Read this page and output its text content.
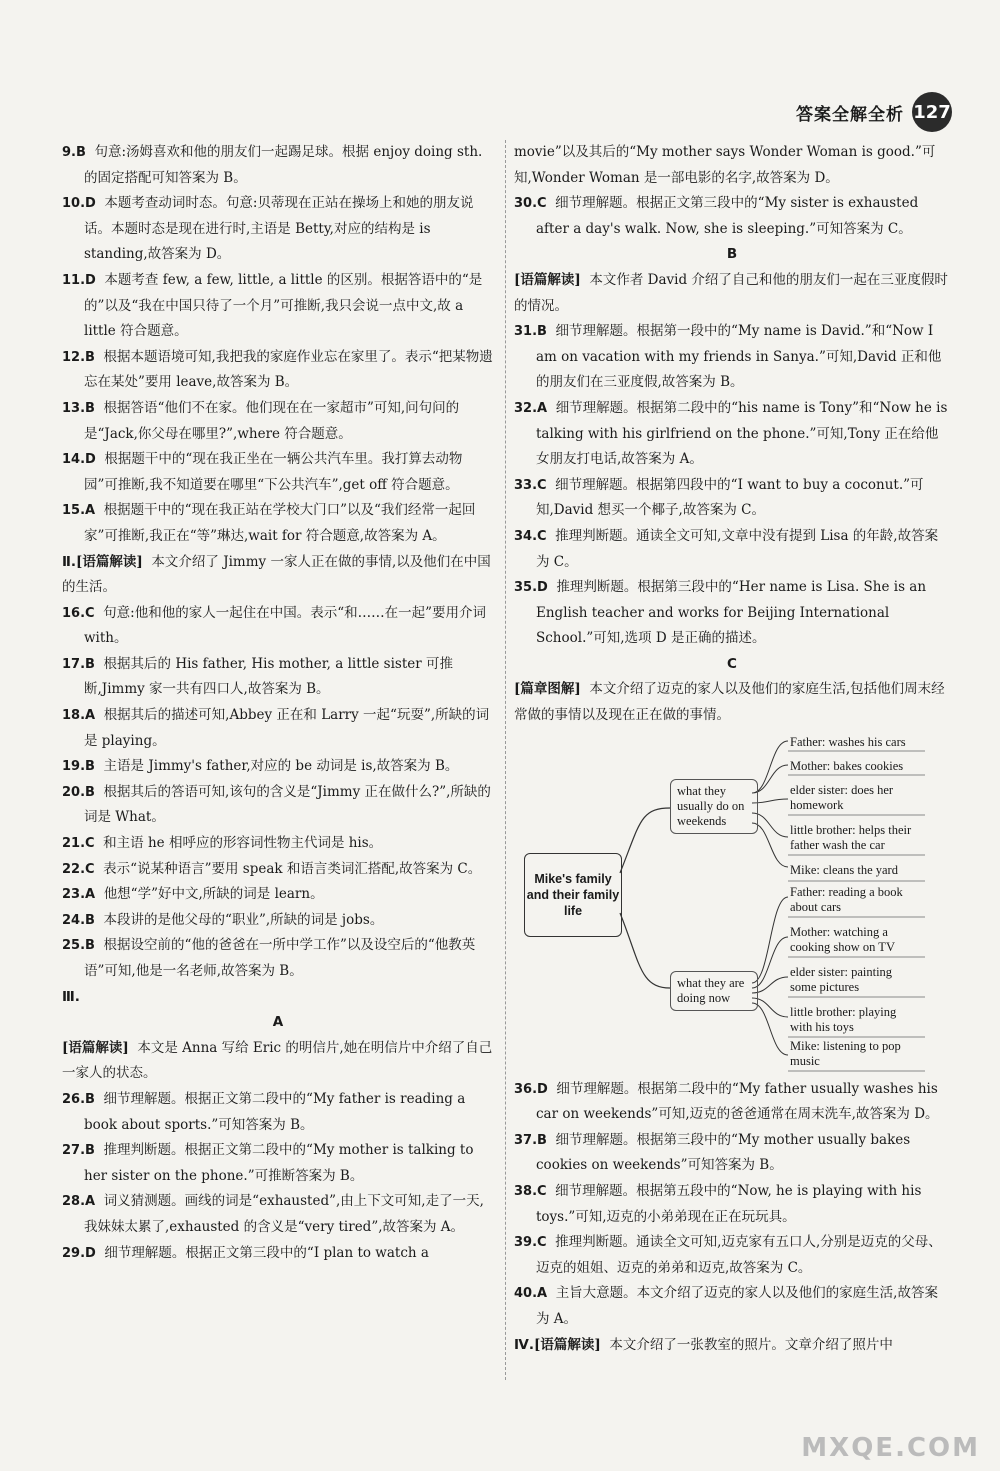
答案全解全析 127

9.B 句意:汤姆喜欢和他的朋友们一起踢足球。根据 enjoy doing sth.的固定搭配可知答案为 B。

10.D 本题考查动词时态。句意:贝蒂现在正站在操场上和她的朋友说话。本题时态是现在进行时,主语是 Betty,对应的结构是 is standing,故答案为 D。

11.D 本题考查 few, a few, little, a little 的区别。根据答语中的“是的”以及“我在中国只待了一个月”可推断,我只会说一点中文,故 a little 符合题意。

12.B 根据本题语境可知,我把我的家庭作业忘在家里了。表示“把某物遗忘在某处”要用 leave,故答案为 B。

13.B 根据答语“他们不在家。他们现在在一家超市”可知,问句问的是“Jack,你父母在哪里?”,where 符合题意。

14.D 根据题干中的“现在我正坐在一辆公共汽车里。我打算去动物园”可推断,我不知道要在哪里“下公共汽车”,get off 符合题意。

15.A 根据题干中的“现在我正站在学校大门口”以及“我们经常一起回家”可推断,我正在“等”琳达,wait for 符合题意,故答案为 A。

Ⅱ.[语篇解读] 本文介绍了 Jimmy 一家人正在做的事情,以及他们在中国的生活。

16.C 句意:他和他的家人一起住在中国。表示“和……在一起”要用介词 with。

17.B 根据其后的 His father, His mother, a little sister 可推断,Jimmy 家一共有四口人,故答案为 B。

18.A 根据其后的描述可知,Abbey 正在和 Larry 一起“玩耍”,所缺的词是 playing。

19.B 主语是 Jimmy's father,对应的 be 动词是 is,故答案为 B。

20.B 根据其后的答语可知,该句的含义是“Jimmy 正在做什么?”,所缺的词是 What。

21.C 和主语 he 相呼应的形容词性物主代词是 his。

22.C 表示“说某种语言”要用 speak 和语言类词汇搭配,故答案为 C。

23.A 他想“学”好中文,所缺的词是 learn。

24.B 本段讲的是他父母的“职业”,所缺的词是 jobs。

25.B 根据设空前的“他的爸爸在一所中学工作”以及设空后的“他教英语”可知,他是一名老师,故答案为 B。

Ⅲ.

A

[语篇解读] 本文是 Anna 写给 Eric 的明信片,她在明信片中介绍了自己一家人的状态。

26.B 细节理解题。根据正文第二段中的“My father is reading a book about sports.”可知答案为 B。

27.B 推理判断题。根据正文第二段中的“My mother is talking to her sister on the phone.”可推断答案为 B。

28.A 词义猜测题。画线的词是“exhausted”,由上下文可知,走了一天,我妹妹太累了,exhausted 的含义是“very tired”,故答案为 A。

29.D 细节理解题。根据正文第三段中的“I plan to watch a

movie”以及其后的“My mother says Wonder Woman is good.”可知,Wonder Woman 是一部电影的名字,故答案为 D。

30.C 细节理解题。根据正文第三段中的“My sister is exhausted after a day's walk. Now, she is sleeping.”可知答案为 C。

B

[语篇解读] 本文作者 David 介绍了自己和他的朋友们一起在三亚度假时的情况。

31.B 细节理解题。根据第一段中的“My name is David.”和“Now I am on vacation with my friends in Sanya.”可知,David 正和他的朋友们在三亚度假,故答案为 B。

32.A 细节理解题。根据第二段中的“his name is Tony”和“Now he is talking with his girlfriend on the phone.”可知,Tony 正在给他女朋友打电话,故答案为 A。

33.C 细节理解题。根据第四段中的“I want to buy a coconut.”可知,David 想买一个椰子,故答案为 C。

34.C 推理判断题。通读全文可知,文章中没有提到 Lisa 的年龄,故答案为 C。

35.D 推理判断题。根据第三段中的“Her name is Lisa. She is an English teacher and works for Beijing International School.”可知,选项 D 是正确的描述。

C

[篇章图解] 本文介绍了迈克的家人以及他们的家庭生活,包括他们周末经常做的事情以及现在正在做的事情。

Mike's family and their family life
what they usually do on weekends
what they are doing now
Father: washes his cars
Mother: bakes cookies
elder sister: does her homework
little brother: helps their father wash the car
Mike: cleans the yard
Father: reading a book about cars
Mother: watching a cooking show on TV
elder sister: painting some pictures
little brother: playing with his toys
Mike: listening to pop music

36.D 细节理解题。根据第二段中的“My father usually washes his car on weekends”可知,迈克的爸爸通常在周末洗车,故答案为 D。

37.B 细节理解题。根据第三段中的“My mother usually bakes cookies on weekends”可知答案为 B。

38.C 细节理解题。根据第五段中的“Now, he is playing with his toys.”可知,迈克的小弟弟现在正在玩玩具。

39.C 推理判断题。通读全文可知,迈克家有五口人,分别是迈克的父母、迈克的姐姐、迈克的弟弟和迈克,故答案为 C。

40.A 主旨大意题。本文介绍了迈克的家人以及他们的家庭生活,故答案为 A。

Ⅳ.[语篇解读] 本文介绍了一张教室的照片。文章介绍了照片中

MXQE.COM
